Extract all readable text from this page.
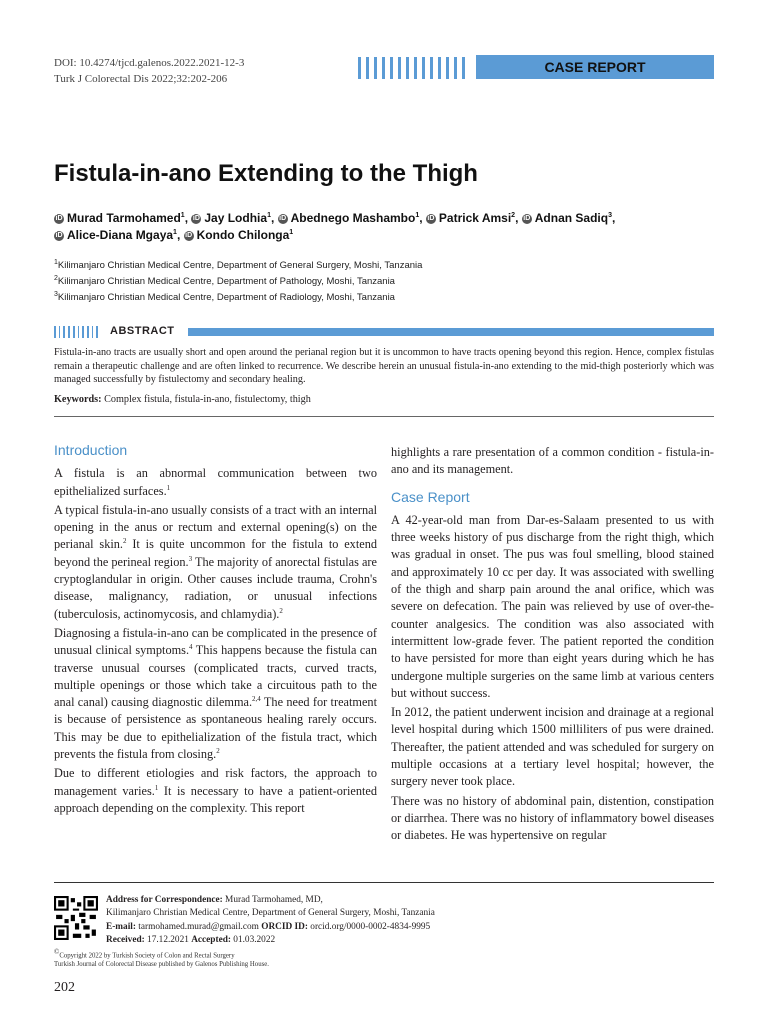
DOI: 10.4274/tjcd.galenos.2022.2021-12-3
Turk J Colorectal Dis 2022;32:202-206
CASE REPORT
Fistula-in-ano Extending to the Thigh
iD Murad Tarmohamed$^1$, iD Jay Lodhia$^1$, iD Abednego Mashambo$^1$, iD Patrick Amsi$^2$, iD Adnan Sadiq$^3$,
iD Alice-Diana Mgaya$^1$, iD Kondo Chilonga$^1$
$^1$Kilimanjaro Christian Medical Centre, Department of General Surgery, Moshi, Tanzania
$^2$Kilimanjaro Christian Medical Centre, Department of Pathology, Moshi, Tanzania
$^3$Kilimanjaro Christian Medical Centre, Department of Radiology, Moshi, Tanzania
ABSTRACT
Fistula-in-ano tracts are usually short and open around the perianal region but it is uncommon to have tracts opening beyond this region. Hence, complex fistulas remain a therapeutic challenge and are often linked to recurrence. We describe herein an unusual fistula-in-ano extending to the mid-thigh posteriorly which was managed successfully by fistulectomy and secondary healing.
Keywords: Complex fistula, fistula-in-ano, fistulectomy, thigh
Introduction

A fistula is an abnormal communication between two epithelialized surfaces.$^1$

A typical fistula-in-ano usually consists of a tract with an internal opening in the anus or rectum and external opening(s) on the perianal skin.$^2$ It is quite uncommon for the fistula to extend beyond the perineal region.$^3$ The majority of anorectal fistulas are cryptoglandular in origin. Other causes include trauma, Crohn's disease, malignancy, radiation, or unusual infections (tuberculosis, actinomycosis, and chlamydia).$^2$

Diagnosing a fistula-in-ano can be complicated in the presence of unusual clinical symptoms.$^4$ This happens because the fistula can traverse unusual courses (complicated tracts, curved tracts, multiple openings or those which take a circuitous path to the anal canal) causing diagnostic dilemma.$^{2,4}$ The need for treatment is because of persistence as spontaneous healing rarely occurs. This may be due to epithelialization of the fistula tract, which prevents the fistula from closing.$^2$

Due to different etiologies and risk factors, the approach to management varies.$^1$ It is necessary to have a patient-oriented approach depending on the complexity. This report

highlights a rare presentation of a common condition - fistula-in-ano and its management.

Case Report

A 42-year-old man from Dar-es-Salaam presented to us with three weeks history of pus discharge from the right thigh, which was gradual in onset. The pus was foul smelling, blood stained and approximately 10 cc per day. It was associated with swelling of the thigh and sharp pain around the anal orifice, which was severe on defecation. The pain was relieved by use of over-the-counter analgesics. The condition was also associated with intermittent low-grade fever. The patient reported the condition to have persisted for more than eight years during which he has undergone multiple surgeries on the same limb at various centers but without success.

In 2012, the patient underwent incision and drainage at a regional level hospital during which 1500 milliliters of pus were drained. Thereafter, the patient attended and was scheduled for surgery on multiple occasions at a tertiary level hospital; however, the surgery never took place.

There was no history of abdominal pain, distention, constipation or diarrhea. There was no history of inflammatory bowel diseases or diabetes. He was hypertensive on regular

Address for Correspondence: Murad Tarmohamed, MD,
Kilimanjaro Christian Medical Centre, Department of General Surgery, Moshi, Tanzania
E-mail: tarmohamed.murad@gmail.com ORCID ID: orcid.org/0000-0002-4834-9995
Received: 17.12.2021 Accepted: 01.03.2022
©Copyright 2022 by Turkish Society of Colon and Rectal Surgery
Turkish Journal of Colorectal Disease published by Galenos Publishing House.
202
